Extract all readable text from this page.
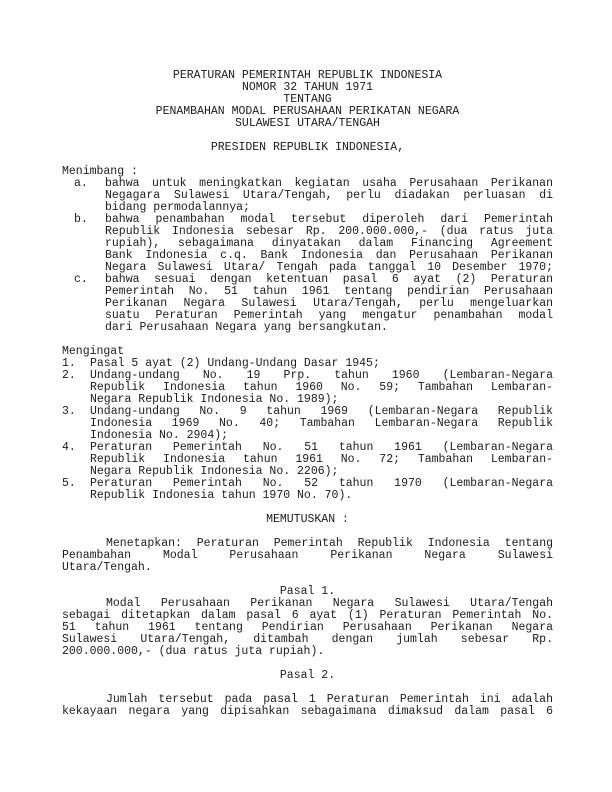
PERATURAN PEMERINTAH REPUBLIK INDONESIA
NOMOR 32 TAHUN 1971
TENTANG
PENAMBAHAN MODAL PERUSAHAAN PERIKATAN NEGARA
SULAWESI UTARA/TENGAH
PRESIDEN REPUBLIK INDONESIA,
Menimbang :
a. bahwa untuk meningkatkan kegiatan usaha Perusahaan Perikanan
Negagara Sulawesi Utara/Tengah, perlu diadakan perluasan di
bidang permodalannya;
b. bahwa penambahan modal tersebut diperoleh dari Pemerintah
Republik Indonesia sebesar Rp. 200.000.000,- (dua ratus juta
rupiah), sebagaimana dinyatakan dalam Financing Agreement
Bank Indonesia c.q. Bank Indonesia dan Perusahaan Perikanan
Negara Sulawesi Utara/ Tengah pada tanggal 10 Desember 1970;
c. bahwa sesuai dengan ketentuan pasal 6 ayat (2) Peraturan
Pemerintah No. 51 tahun 1961 tentang pendirian Perusahaan
Perikanan Negara Sulawesi Utara/Tengah, perlu mengeluarkan
suatu Peraturan Pemerintah yang mengatur penambahan modal
dari Perusahaan Negara yang bersangkutan.
Mengingat
1. Pasal 5 ayat (2) Undang-Undang Dasar 1945;
2. Undang-undang No. 19 Prp. tahun 1960 (Lembaran-Negara
Republik Indonesia tahun 1960 No. 59; Tambahan Lembaran-
Negara Republik Indonesia No. 1989);
3. Undang-undang No. 9 tahun 1969 (Lembaran-Negara Republik
Indonesia 1969 No. 40; Tambahan Lembaran-Negara Republik
Indonesia No. 2904);
4. Peraturan Pemerintah No. 51 tahun 1961 (Lembaran-Negara
Republik Indonesia tahun 1961 No. 72; Tambahan Lembaran-
Negara Republik Indonesia No. 2206);
5. Peraturan Pemerintah No. 52 tahun 1970 (Lembaran-Negara
Republik Indonesia tahun 1970 No. 70).
MEMUTUSKAN :
Menetapkan: Peraturan Pemerintah Republik Indonesia tentang
Penambahan Modal Perusahaan Perikanan Negara Sulawesi
Utara/Tengah.
Pasal 1.
Modal Perusahaan Perikanan Negara Sulawesi Utara/Tengah
sebagai ditetapkan dalam pasal 6 ayat (1) Peraturan Pemerintah No.
51 tahun 1961 tentang Pendirian Perusahaan Perikanan Negara
Sulawesi Utara/Tengah, ditambah dengan jumlah sebesar Rp.
200.000.000,- (dua ratus juta rupiah).
Pasal 2.
Jumlah tersebut pada pasal 1 Peraturan Pemerintah ini adalah
kekayaan negara yang dipisahkan sebagaimana dimaksud dalam pasal 6
